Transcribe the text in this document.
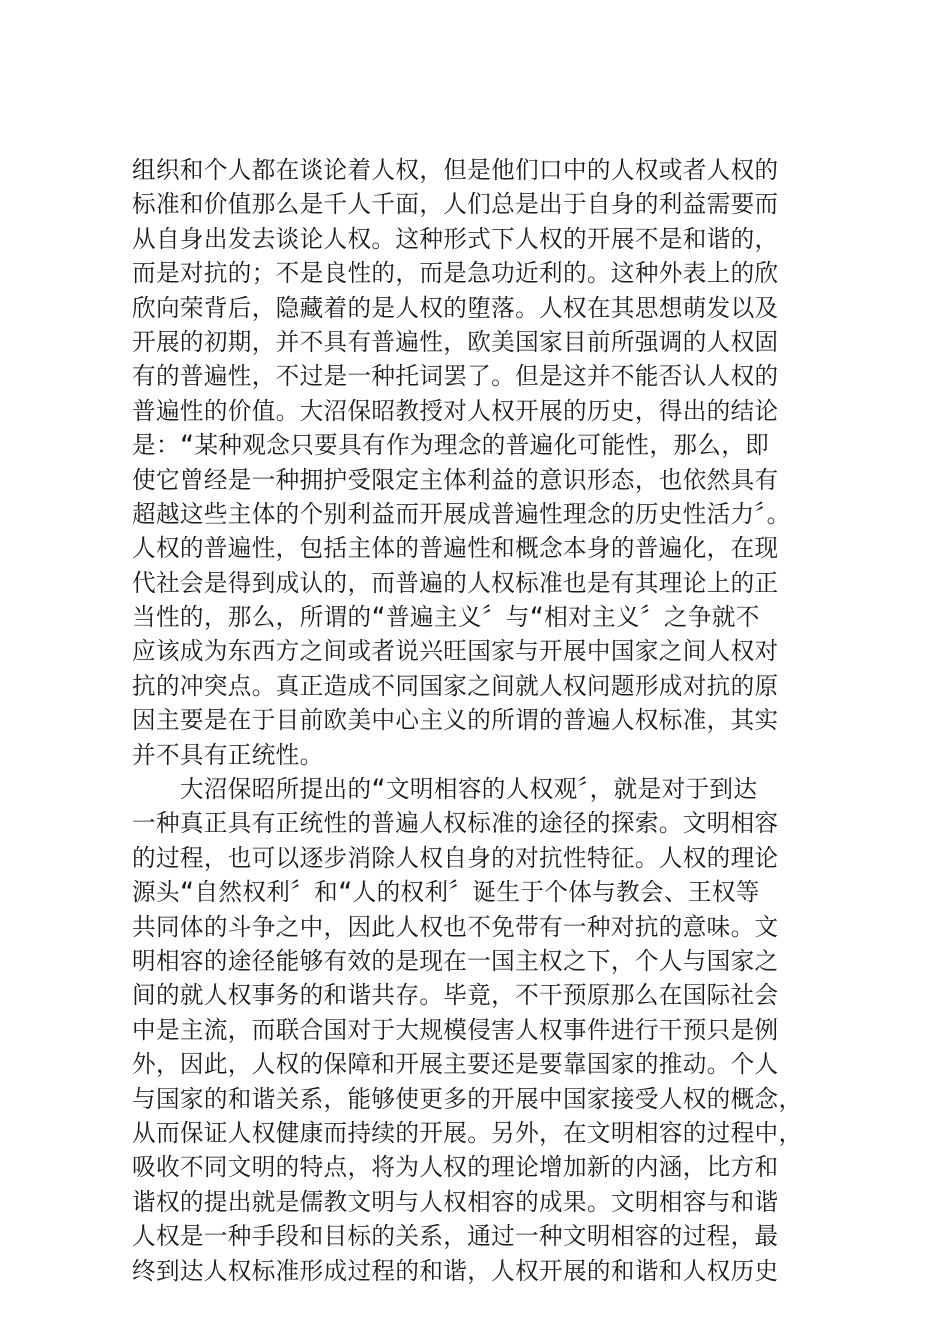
组织和个人都在谈论着人权，但是他们口中的人权或者人权的
标准和价值那么是千人千面，人们总是出于自身的利益需要而
从自身出发去谈论人权。这种形式下人权的开展不是和谐的，
而是对抗的；不是良性的，而是急功近利的。这种外表上的欣
欣向荣背后，隐藏着的是人权的堕落。人权在其思想萌发以及
开展的初期，并不具有普遍性，欧美国家目前所强调的人权固
有的普遍性，不过是一种托词罢了。但是这并不能否认人权的
普遍性的价值。大沼保昭教授对人权开展的历史，得出的结论
是：“某种观念只要具有作为理念的普遍化可能性，那么，即
使它曾经是一种拥护受限定主体利益的意识形态，也依然具有
超越这些主体的个别利益而开展成普遍性理念的历史性活力〞。
人权的普遍性，包括主体的普遍性和概念本身的普遍化，在现
代社会是得到成认的，而普遍的人权标准也是有其理论上的正
当性的，那么，所谓的“普遍主义〞与“相对主义〞之争就不
应该成为东西方之间或者说兴旺国家与开展中国家之间人权对
抗的冲突点。真正造成不同国家之间就人权问题形成对抗的原
因主要是在于目前欧美中心主义的所谓的普遍人权标准，其实
并不具有正统性。
　　大沼保昭所提出的“文明相容的人权观〞，就是对于到达
一种真正具有正统性的普遍人权标准的途径的探索。文明相容
的过程，也可以逐步消除人权自身的对抗性特征。人权的理论
源头“自然权利〞和“人的权利〞诞生于个体与教会、王权等
共同体的斗争之中，因此人权也不免带有一种对抗的意味。文
明相容的途径能够有效的是现在一国主权之下，个人与国家之
间的就人权事务的和谐共存。毕竟，不干预原那么在国际社会
中是主流，而联合国对于大规模侵害人权事件进行干预只是例
外，因此，人权的保障和开展主要还是要靠国家的推动。个人
与国家的和谐关系，能够使更多的开展中国家接受人权的概念，
从而保证人权健康而持续的开展。另外，在文明相容的过程中，
吸收不同文明的特点，将为人权的理论增加新的内涵，比方和
谐权的提出就是儒教文明与人权相容的成果。文明相容与和谐
人权是一种手段和目标的关系，通过一种文明相容的过程，最
终到达人权标准形成过程的和谐，人权开展的和谐和人权历史
